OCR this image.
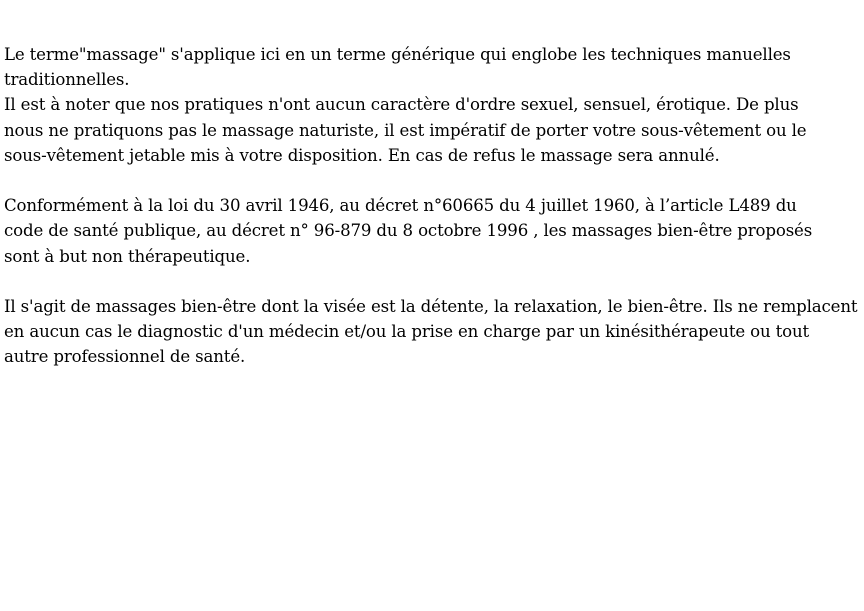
Le terme"massage" s'applique ici en un terme générique qui englobe les techniques manuelles
traditionnelles.

Il est à noter que nos pratiques n'ont aucun caractère d'ordre sexuel, sensuel, érotique. De plus
nous ne pratiquons pas le massage naturiste, il est impératif de porter votre sous-vêtement ou le
sous-vêtement jetable mis à votre disposition. En cas de refus le massage sera annulé.

Conformément à la loi du 30 avril 1946, au décret n°60665 du 4 juillet 1960, à l’article L489 du
code de santé publique, au décret n° 96-879 du 8 octobre 1996 , les massages bien-être proposés
sont à but non thérapeutique.

Il s'agit de massages bien-être dont la visée est la détente, la relaxation, le bien-être. Ils ne remplacent
en aucun cas le diagnostic d'un médecin et/ou la prise en charge par un kinésithérapeute ou tout
autre professionnel de santé.
